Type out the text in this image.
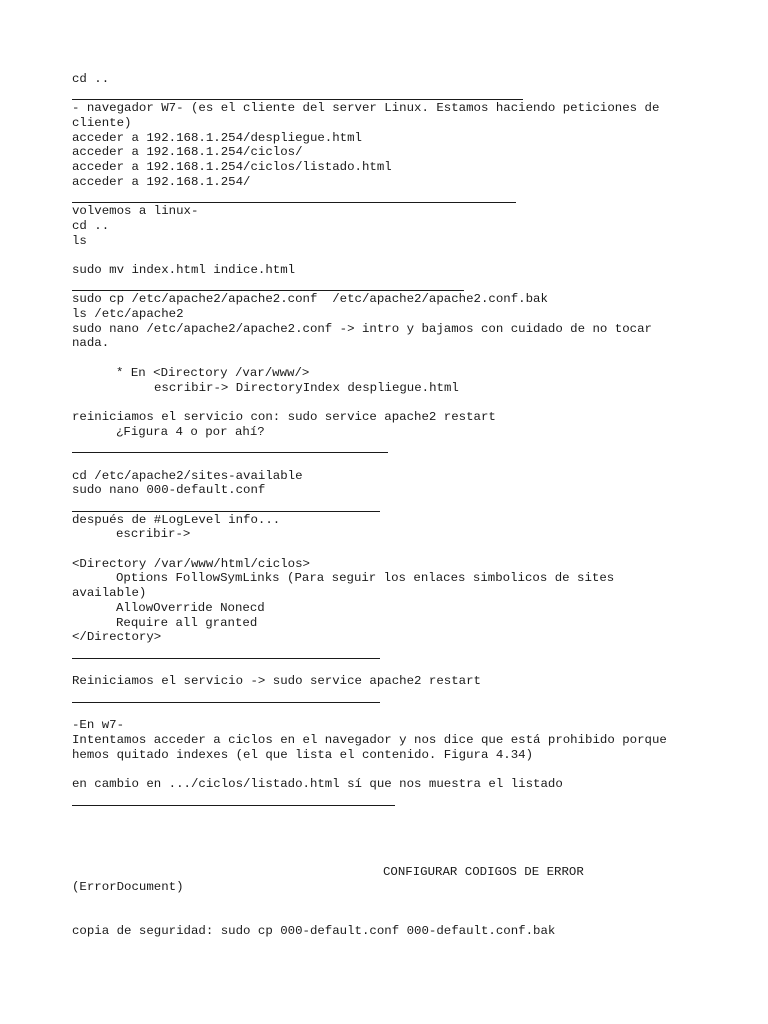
cd ..
- navegador W7- (es el cliente del server Linux. Estamos haciendo peticiones de cliente)
acceder a 192.168.1.254/despliegue.html
acceder a 192.168.1.254/ciclos/
acceder a 192.168.1.254/ciclos/listado.html
acceder a 192.168.1.254/
volvemos a linux-
cd ..
ls
sudo mv index.html indice.html
sudo cp /etc/apache2/apache2.conf  /etc/apache2/apache2.conf.bak
ls /etc/apache2
sudo nano /etc/apache2/apache2.conf -> intro y bajamos con cuidado de no tocar nada.
* En <Directory /var/www/>
escribir-> DirectoryIndex despliegue.html
reiniciamos el servicio con: sudo service apache2 restart
¿Figura 4 o por ahí?
cd /etc/apache2/sites-available
sudo nano 000-default.conf
después de #LogLevel info...
escribir->
<Directory /var/www/html/ciclos>
Options FollowSymLinks (Para seguir los enlaces simbolicos de sites available)
AllowOverride Nonecd
Require all granted
</Directory>
Reiniciamos el servicio -> sudo service apache2 restart
-En w7-
Intentamos acceder a ciclos en el navegador y nos dice que está prohibido porque hemos quitado indexes (el que lista el contenido. Figura 4.34)
en cambio en .../ciclos/listado.html sí que nos muestra el listado
CONFIGURAR CODIGOS DE ERROR
(ErrorDocument)
copia de seguridad: sudo cp 000-default.conf 000-default.conf.bak
